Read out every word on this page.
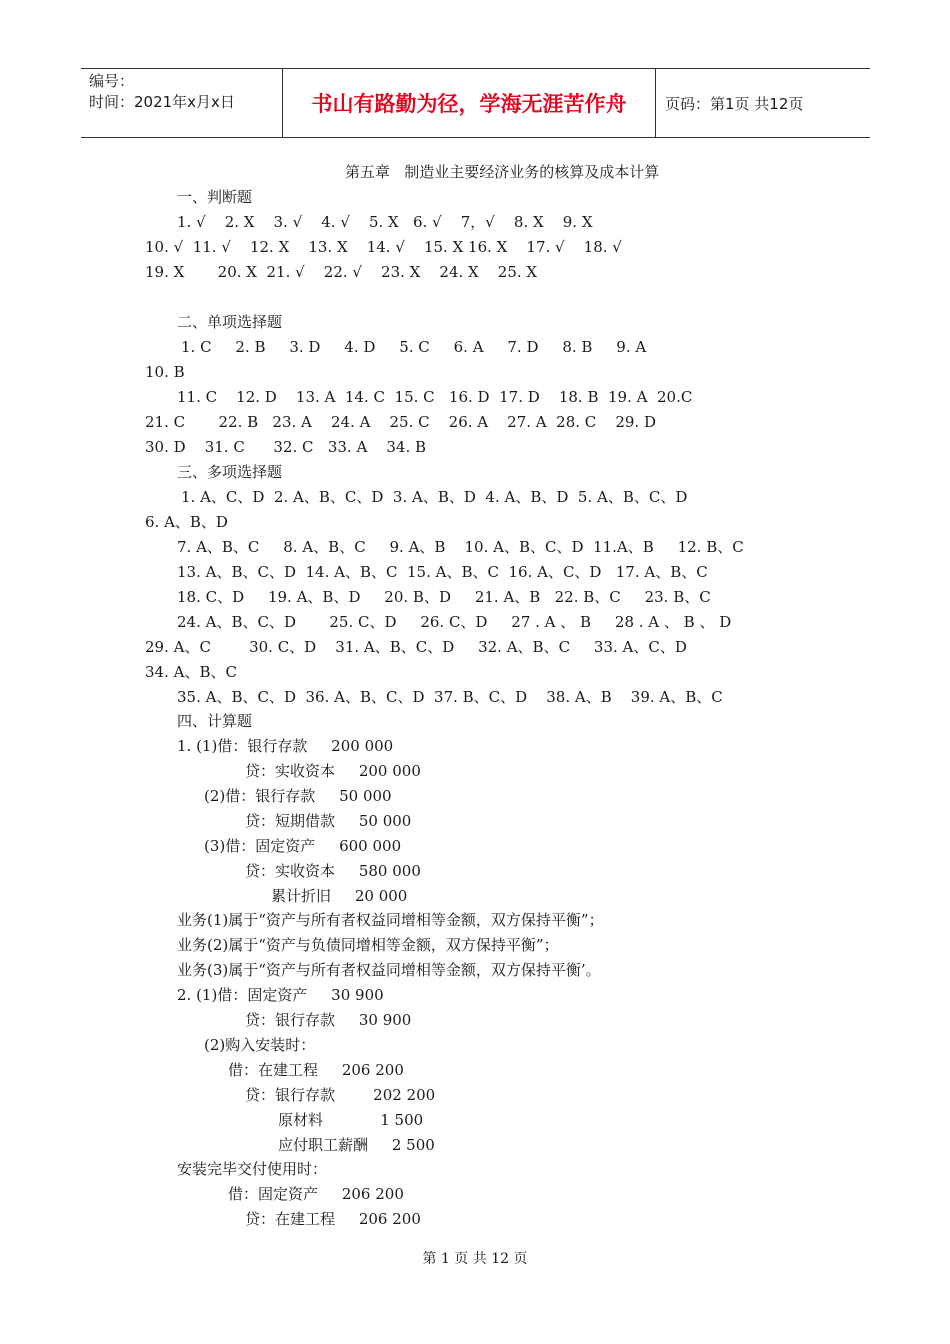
编号：
时间：2021年x月x日	书山有路勤为径，学海无涯苦作舟	页码：第1页 共12页
第五章   制造业主要经济业务的核算及成本计算
一、判断题
1. √    2. X    3. √    4. √    5. X   6. √    7，√    8. X    9. X
10. √  11. √    12. X    13. X    14. √    15. X 16. X    17. √    18. √
19. X       20. X  21. √    22. √    23. X    24. X    25. X
二、单项选择题
1. C     2. B     3. D     4. D     5. C     6. A     7. D     8. B     9. A
10. B
11. C    12. D    13. A  14. C  15. C   16. D  17. D    18. B  19. A  20.C
21. C       22. B   23. A    24. A    25. C    26. A    27. A  28. C    29. D
30. D    31. C      32. C   33. A    34. B
三、多项选择题
1. A、C、D  2. A、B、C、D  3. A、B、D  4. A、B、D  5. A、B、C、D
6. A、B、D
7. A、B、C     8. A、B、C     9. A、B    10. A、B、C、D  11.A、B     12. B、C
13. A、B、C、D  14. A、B、C  15. A、B、C  16. A、C、D   17. A、B、C
18. C、D     19. A、B、D     20. B、D     21. A、B   22. B、C     23. B、C
24. A、B、C、D       25. C、D     26. C、D     27 . A 、 B     28 . A 、 B 、 D
29. A、C        30. C、D    31. A、B、C、D     32. A、B、C     33. A、C、D
34. A、B、C
35. A、B、C、D  36. A、B、C、D  37. B、C、D    38. A、B    39. A、B、C
四、计算题
1. (1)借：银行存款     200 000
贷：实收资本     200 000
(2)借：银行存款     50 000
贷：短期借款     50 000
(3)借：固定资产     600 000
贷：实收资本     580 000
累计折旧     20 000
业务(1)属于“资产与所有者权益同增相等金额，双方保持平衡”；
业务(2)属于“资产与负债同增相等金额，双方保持平衡”；
业务(3)属于“资产与所有者权益同增相等金额，双方保持平衡’。
2. (1)借：固定资产     30 900
贷：银行存款     30 900
(2)购入安装时：
借：在建工程     206 200
贷：银行存款        202 200
原材料            1 500
应付职工薪酬     2 500
安装完毕交付使用时：
借：固定资产     206 200
贷：在建工程     206 200
第 1 页 共 12 页
